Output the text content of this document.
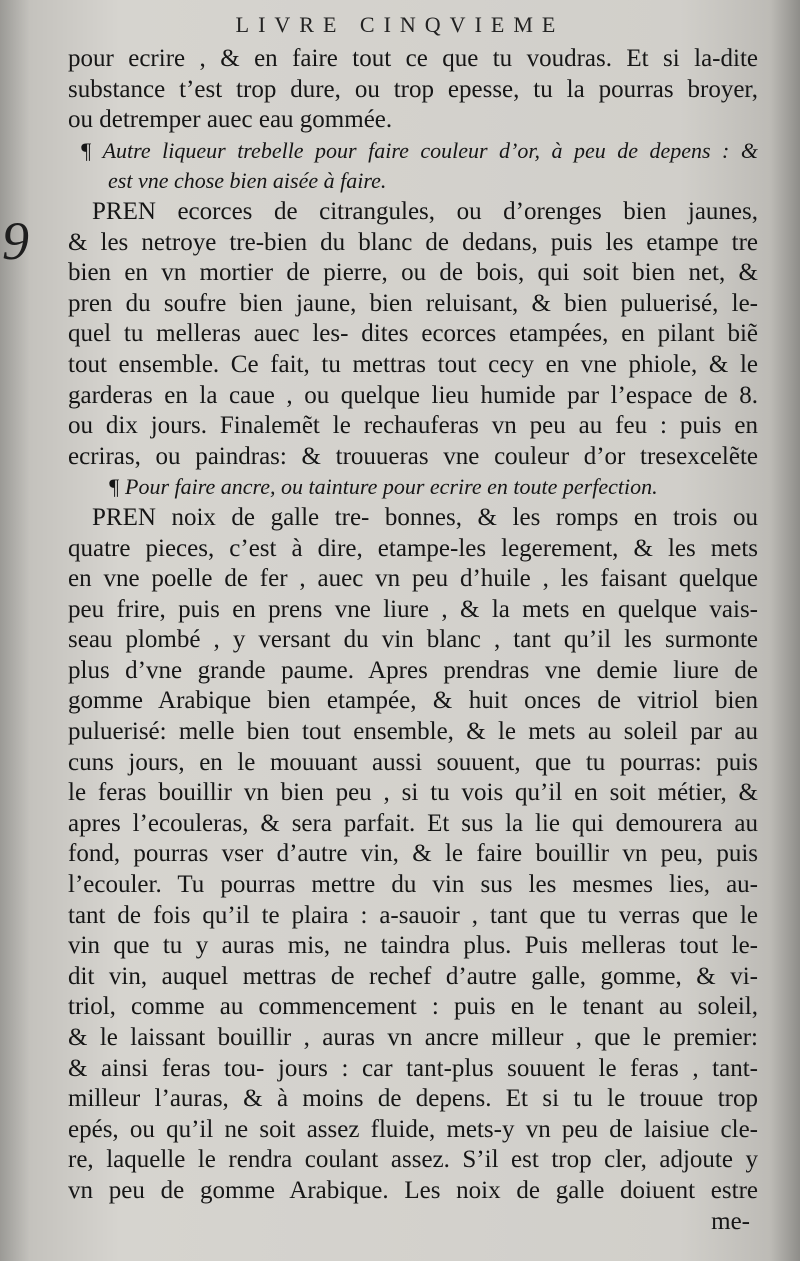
LIVRE CINQVIEME
9
pour ecrire , & en faire tout ce que tu voudras. Et si la-dite
substance t’est trop dure, ou trop epesse, tu la pourras broyer,
ou detremper auec eau gommée.
¶ Autre liqueur trebelle pour faire couleur d’or, à peu de depens : &
est vne chose bien aisée à faire.
PREN ecorces de citrangules, ou d’orenges bien jaunes,
& les netroye tre-bien du blanc de dedans, puis les etampe tre
bien en vn mortier de pierre, ou de bois, qui soit bien net, &
pren du soufre bien jaune, bien reluisant, & bien puluerisé, le-
quel tu melleras auec les- dites ecorces etampées, en pilant biẽ
tout ensemble. Ce fait, tu mettras tout cecy en vne phiole, & le
garderas en la caue , ou quelque lieu humide par l’espace de 8.
ou dix jours. Finalemẽt le rechauferas vn peu au feu : puis en
ecriras, ou paindras: & trouueras vne couleur d’or tresexcelẽte
¶ Pour faire ancre, ou tainture pour ecrire en toute perfection.
PREN noix de galle tre- bonnes, & les romps en trois ou
quatre pieces, c’est à dire, etampe-les legerement, & les mets
en vne poelle de fer , auec vn peu d’huile , les faisant quelque
peu frire, puis en prens vne liure , & la mets en quelque vais-
seau plombé , y versant du vin blanc , tant qu’il les surmonte
plus d’vne grande paume. Apres prendras vne demie liure de
gomme Arabique bien etampée, & huit onces de vitriol bien
puluerisé: melle bien tout ensemble, & le mets au soleil par au
cuns jours, en le mouuant aussi souuent, que tu pourras: puis
le feras bouillir vn bien peu , si tu vois qu’il en soit métier, &
apres l’ecouleras, & sera parfait. Et sus la lie qui demourera au
fond, pourras vser d’autre vin, & le faire bouillir vn peu, puis
l’ecouler. Tu pourras mettre du vin sus les mesmes lies, au-
tant de fois qu’il te plaira : a-sauoir , tant que tu verras que le
vin que tu y auras mis, ne taindra plus. Puis melleras tout le-
dit vin, auquel mettras de rechef d’autre galle, gomme, & vi-
triol, comme au commencement : puis en le tenant au soleil,
& le laissant bouillir , auras vn ancre milleur , que le premier:
& ainsi feras tou- jours : car tant-plus souuent le feras , tant-
milleur l’auras, & à moins de depens. Et si tu le trouue trop
epés, ou qu’il ne soit assez fluide, mets-y vn peu de laisiue cle-
re, laquelle le rendra coulant assez. S’il est trop cler, adjoute y
vn peu de gomme Arabique. Les noix de galle doiuent estre
me-
